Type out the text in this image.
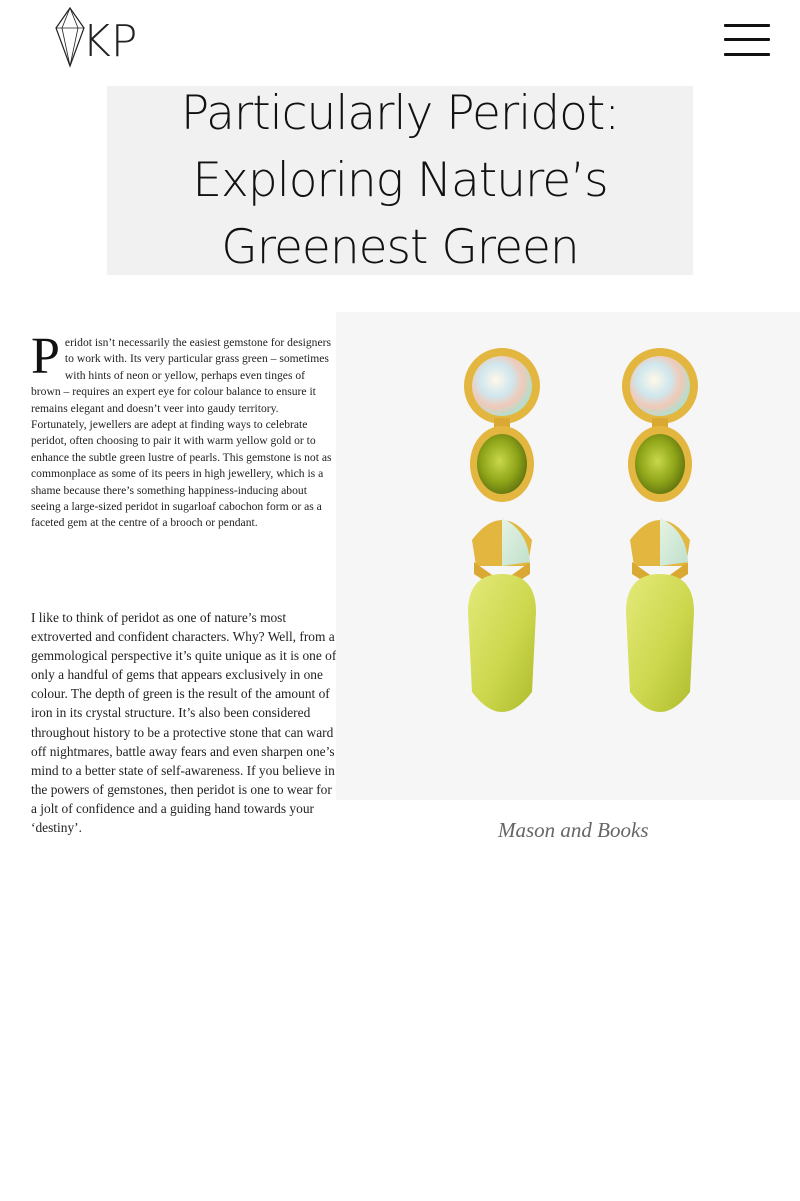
KP
Particularly Peridot: Exploring Nature’s Greenest Green

Peridot isn’t necessarily the easiest gemstone for designers to work with. Its very particular grass green – sometimes with hints of neon or yellow, perhaps even tinges of brown – requires an expert eye for colour balance to ensure it remains elegant and doesn’t veer into gaudy territory. Fortunately, jewellers are adept at finding ways to celebrate peridot, often choosing to pair it with warm yellow gold or to enhance the subtle green lustre of pearls. This gemstone is not as commonplace as some of its peers in high jewellery, which is a shame because there’s something happiness-inducing about seeing a large-sized peridot in sugarloaf cabochon form or as a faceted gem at the centre of a brooch or pendant.

I like to think of peridot as one of nature’s most extroverted and confident characters. Why? Well, from a gemmological perspective it’s quite unique as it is one of only a handful of gems that appears exclusively in one colour. The depth of green is the result of the amount of iron in its crystal structure. It’s also been considered throughout history to be a protective stone that can ward off nightmares, battle away fears and even sharpen one’s mind to a better state of self-awareness. If you believe in the powers of gemstones, then peridot is one to wear for a jolt of confidence and a guiding hand towards your ‘destiny’.	Mason and Books
